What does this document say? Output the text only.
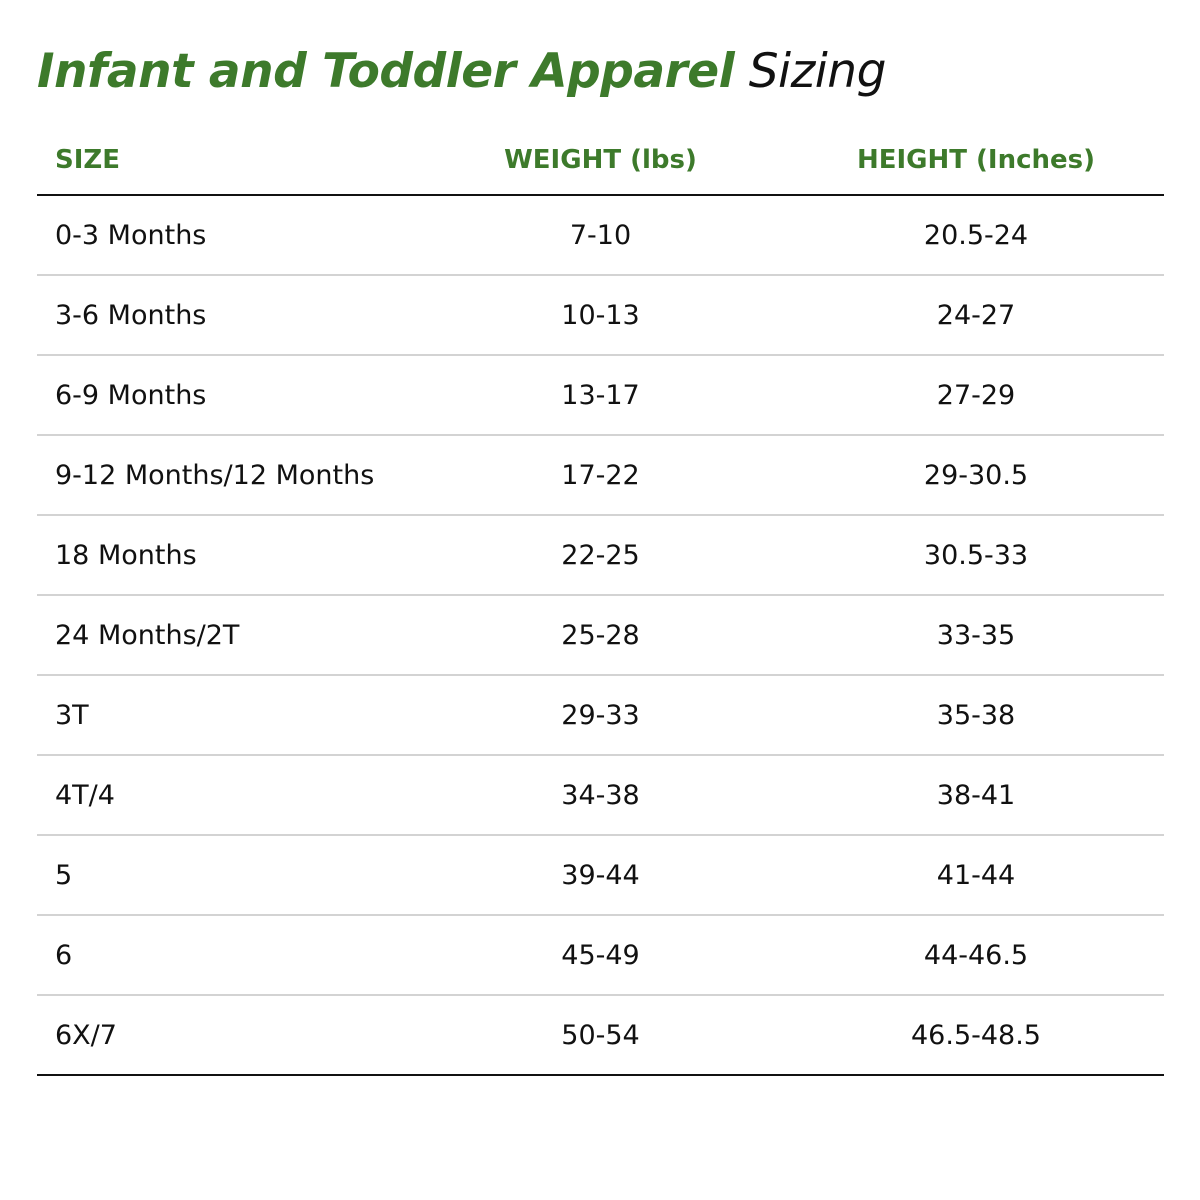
Infant and Toddler Apparel Sizing
SIZE	WEIGHT (lbs)	HEIGHT (Inches)
0-3 Months	7-10	20.5-24
3-6 Months	10-13	24-27
6-9 Months	13-17	27-29
9-12 Months/12 Months	17-22	29-30.5
18 Months	22-25	30.5-33
24 Months/2T	25-28	33-35
3T	29-33	35-38
4T/4	34-38	38-41
5	39-44	41-44
6	45-49	44-46.5
6X/7	50-54	46.5-48.5
